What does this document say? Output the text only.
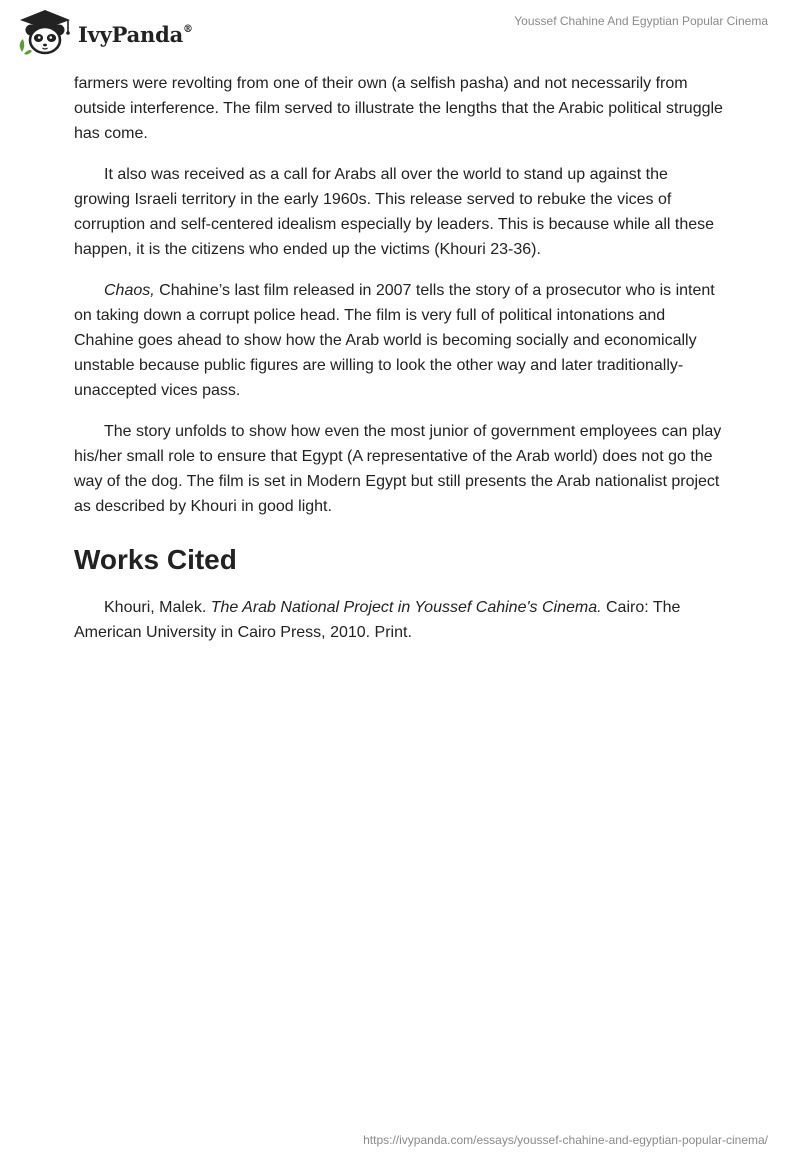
IvyPanda®
Youssef Chahine And Egyptian Popular Cinema

farmers were revolting from one of their own (a selfish pasha) and not necessarily from outside interference. The film served to illustrate the lengths that the Arabic political struggle has come.

It also was received as a call for Arabs all over the world to stand up against the growing Israeli territory in the early 1960s. This release served to rebuke the vices of corruption and self-centered idealism especially by leaders. This is because while all these happen, it is the citizens who ended up the victims (Khouri 23-36).

Chaos, Chahine’s last film released in 2007 tells the story of a prosecutor who is intent on taking down a corrupt police head. The film is very full of political intonations and Chahine goes ahead to show how the Arab world is becoming socially and economically unstable because public figures are willing to look the other way and later traditionally-unaccepted vices pass.

The story unfolds to show how even the most junior of government employees can play his/her small role to ensure that Egypt (A representative of the Arab world) does not go the way of the dog. The film is set in Modern Egypt but still presents the Arab nationalist project as described by Khouri in good light.

Works Cited

Khouri, Malek. The Arab National Project in Youssef Cahine's Cinema. Cairo: The American University in Cairo Press, 2010. Print.

https://ivypanda.com/essays/youssef-chahine-and-egyptian-popular-cinema/
